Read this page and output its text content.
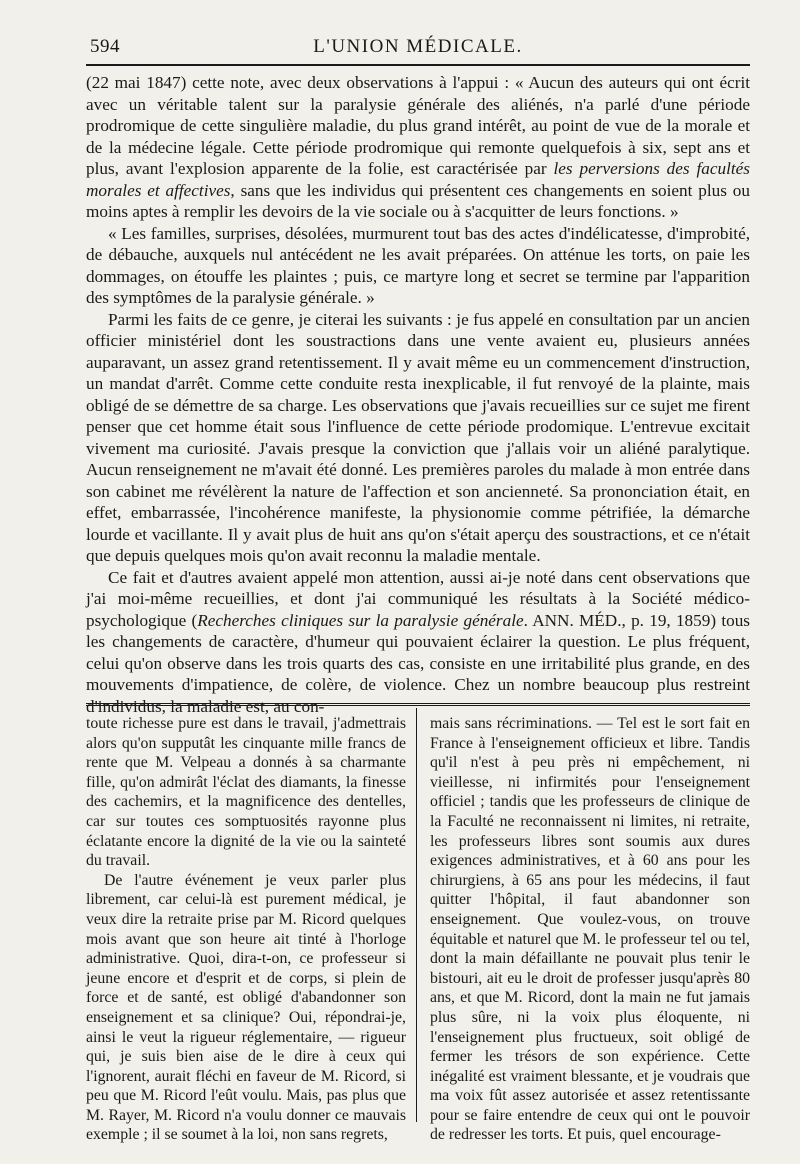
594	L'UNION MÉDICALE.

(22 mai 1847) cette note, avec deux observations à l'appui : « Aucun des auteurs qui ont écrit avec un véritable talent sur la paralysie générale des aliénés, n'a parlé d'une période prodromique de cette singulière maladie, du plus grand intérêt, au point de vue de la morale et de la médecine légale. Cette période prodromique qui remonte quelquefois à six, sept ans et plus, avant l'explosion apparente de la folie, est caractérisée par les perversions des facultés morales et affectives, sans que les individus qui présentent ces changements en soient plus ou moins aptes à remplir les devoirs de la vie sociale ou à s'acquitter de leurs fonctions. »

« Les familles, surprises, désolées, murmurent tout bas des actes d'indélicatesse, d'improbité, de débauche, auxquels nul antécédent ne les avait préparées. On atténue les torts, on paie les dommages, on étouffe les plaintes ; puis, ce martyre long et secret se termine par l'apparition des symptômes de la paralysie générale. »

Parmi les faits de ce genre, je citerai les suivants : je fus appelé en consultation par un ancien officier ministériel dont les soustractions dans une vente avaient eu, plusieurs années auparavant, un assez grand retentissement. Il y avait même eu un commencement d'instruction, un mandat d'arrêt. Comme cette conduite resta inexplicable, il fut renvoyé de la plainte, mais obligé de se démettre de sa charge. Les observations que j'avais recueillies sur ce sujet me firent penser que cet homme était sous l'influence de cette période prodomique. L'entrevue excitait vivement ma curiosité. J'avais presque la conviction que j'allais voir un aliéné paralytique. Aucun renseignement ne m'avait été donné. Les premières paroles du malade à mon entrée dans son cabinet me révélèrent la nature de l'affection et son ancienneté. Sa prononciation était, en effet, embarrassée, l'incohérence manifeste, la physionomie comme pétrifiée, la démarche lourde et vacillante. Il y avait plus de huit ans qu'on s'était aperçu des soustractions, et ce n'était que depuis quelques mois qu'on avait reconnu la maladie mentale.

Ce fait et d'autres avaient appelé mon attention, aussi ai-je noté dans cent observations que j'ai moi-même recueillies, et dont j'ai communiqué les résultats à la Société médico-psychologique (Recherches cliniques sur la paralysie générale. ANN. MÉD., p. 19, 1859) tous les changements de caractère, d'humeur qui pouvaient éclairer la question. Le plus fréquent, celui qu'on observe dans les trois quarts des cas, consiste en une irritabilité plus grande, en des mouvements d'impatience, de colère, de violence. Chez un nombre beaucoup plus restreint d'individus, la maladie est, au con-

toute richesse pure est dans le travail, j'admettrais alors qu'on supputât les cinquante mille francs de rente que M. Velpeau a donnés à sa charmante fille, qu'on admirât l'éclat des diamants, la finesse des cachemirs, et la magnificence des dentelles, car sur toutes ces somptuosités rayonne plus éclatante encore la dignité de la vie ou la sainteté du travail.

De l'autre événement je veux parler plus librement, car celui-là est purement médical, je veux dire la retraite prise par M. Ricord quelques mois avant que son heure ait tinté à l'horloge administrative. Quoi, dira-t-on, ce professeur si jeune encore et d'esprit et de corps, si plein de force et de santé, est obligé d'abandonner son enseignement et sa clinique? Oui, répondrai-je, ainsi le veut la rigueur réglementaire, — rigueur qui, je suis bien aise de le dire à ceux qui l'ignorent, aurait fléchi en faveur de M. Ricord, si peu que M. Ricord l'eût voulu. Mais, pas plus que M. Rayer, M. Ricord n'a voulu donner ce mauvais exemple ; il se soumet à la loi, non sans regrets,

mais sans récriminations. — Tel est le sort fait en France à l'enseignement officieux et libre. Tandis qu'il n'est à peu près ni empêchement, ni vieillesse, ni infirmités pour l'enseignement officiel ; tandis que les professeurs de clinique de la Faculté ne reconnaissent ni limites, ni retraite, les professeurs libres sont soumis aux dures exigences administratives, et à 60 ans pour les chirurgiens, à 65 ans pour les médecins, il faut quitter l'hôpital, il faut abandonner son enseignement. Que voulez-vous, on trouve équitable et naturel que M. le professeur tel ou tel, dont la main défaillante ne pouvait plus tenir le bistouri, ait eu le droit de professer jusqu'après 80 ans, et que M. Ricord, dont la main ne fut jamais plus sûre, ni la voix plus éloquente, ni l'enseignement plus fructueux, soit obligé de fermer les trésors de son expérience. Cette inégalité est vraiment blessante, et je voudrais que ma voix fût assez autorisée et assez retentissante pour se faire entendre de ceux qui ont le pouvoir de redresser les torts. Et puis, quel encourage-
